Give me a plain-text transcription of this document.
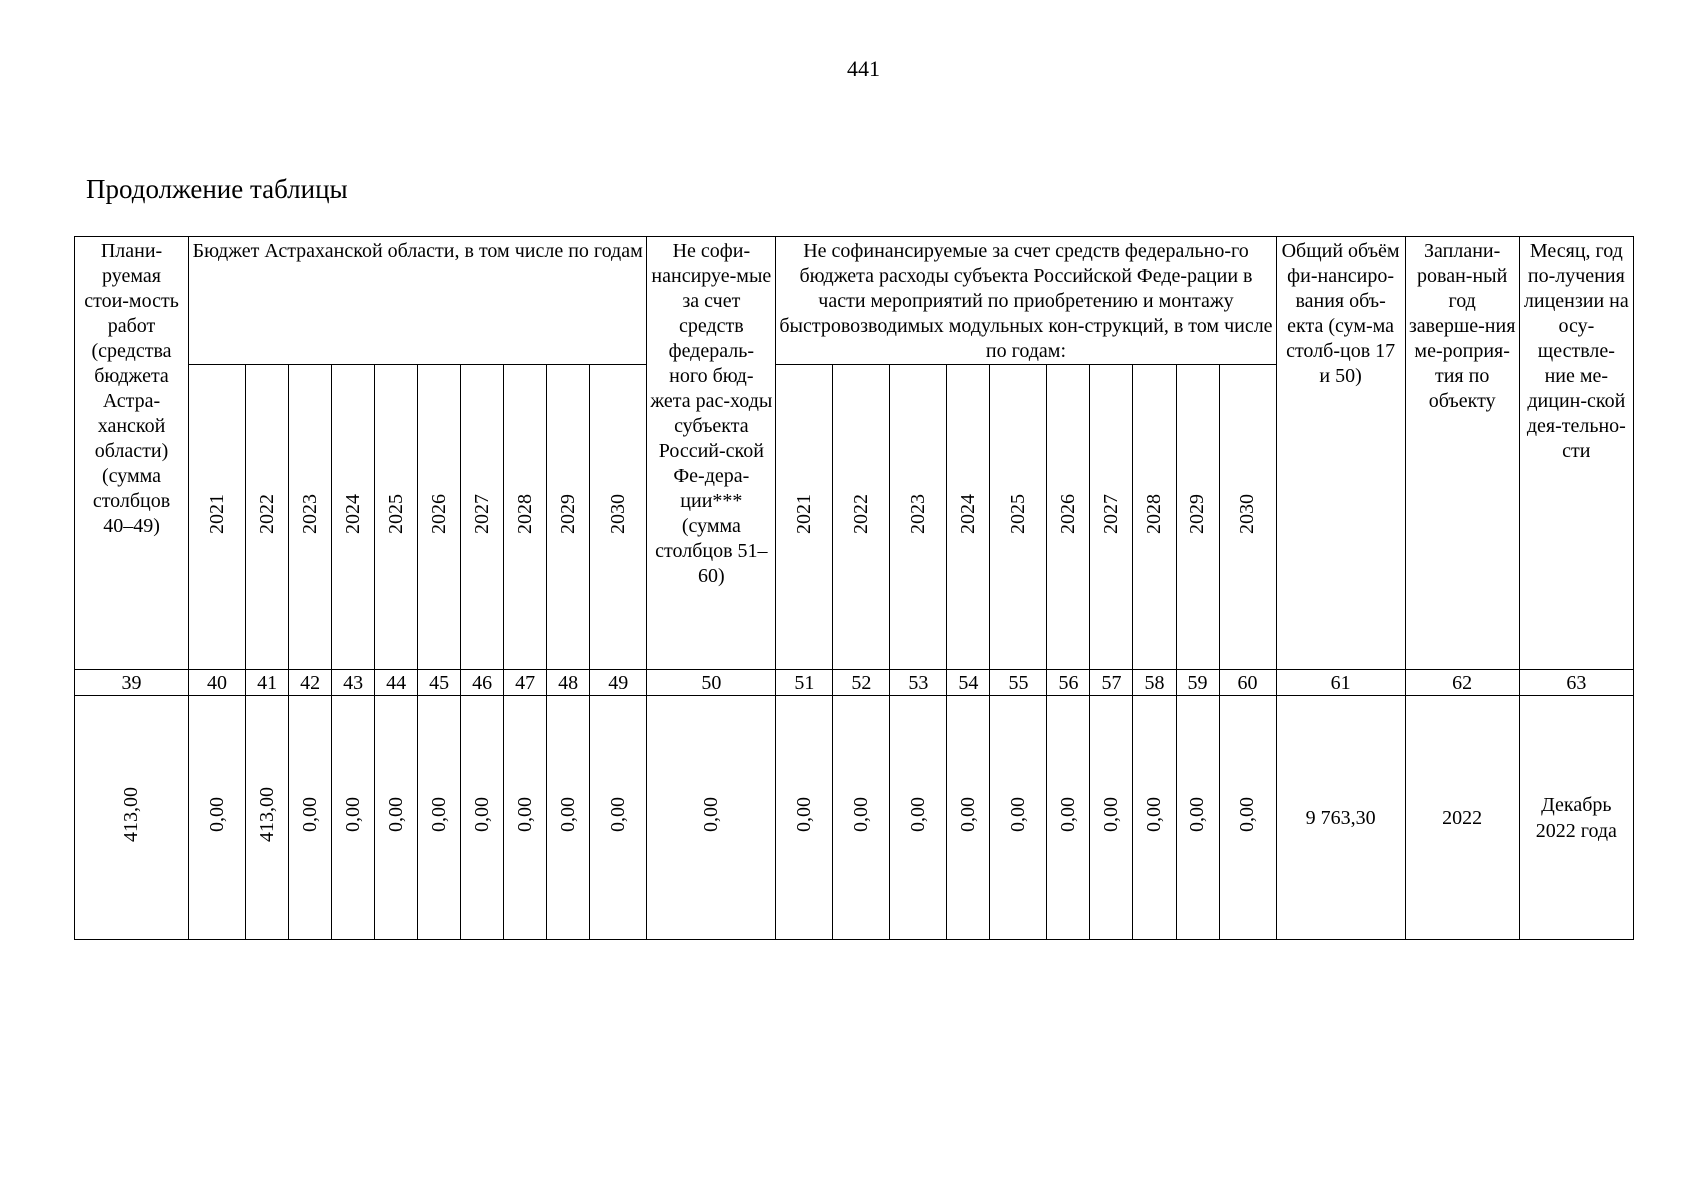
441
Продолжение таблицы
Плани-руемая стои-мость работ (средства бюджета Астра-ханской области) (сумма столбцов 40–49)	Бюджет Астраханской области, в том числе по годам										Не софи-нансируе-мые за счет средств федераль-ного бюд-жета рас-ходы субъекта Россий-ской Фе-дера-ции*** (сумма столбцов 51–60)	Не софинансируемые за счет средств федерально-го бюджета расходы субъекта Российской Феде-рации в части мероприятий по приобретению и монтажу быстровозводимых модульных кон-струкций, в том числе по годам:										Общий объём фи-нансиро-вания объ-екта (сум-ма столб-цов 17 и 50)	Заплани-рован-ный год заверше-ния ме-роприя-тия по объекту	Месяц, год по-лучения лицензии на осу-ществле-ние ме-дицин-ской дея-тельно-сти

	2021	2022	2023	2024	2025	2026	2027	2028	2029	2030		2021	2022	2023	2024	2025	2026	2027	2028	2029	2030			
39	40	41	42	43	44	45	46	47	48	49	50	51	52	53	54	55	56	57	58	59	60	61	62	63
413,00	0,00	413,00	0,00	0,00	0,00	0,00	0,00	0,00	0,00	0,00	0,00	0,00	0,00	0,00	0,00	0,00	0,00	0,00	0,00	0,00	0,00	9 763,30	2022	Декабрь 2022 года
